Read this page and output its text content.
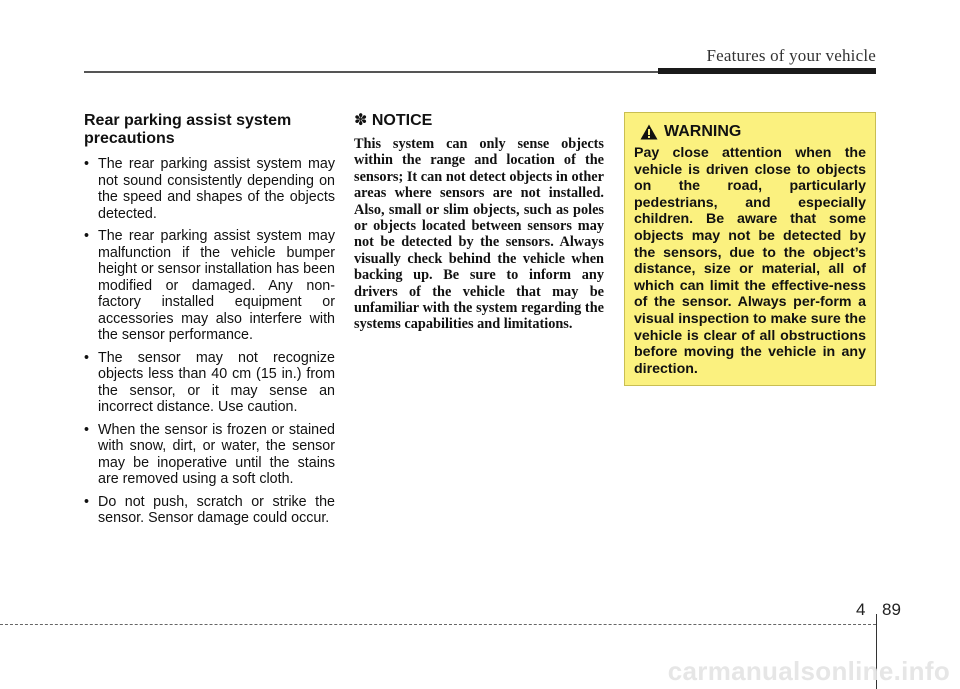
Features of your vehicle
Rear parking assist system precautions
• The rear parking assist system may not sound consistently depending on the speed and shapes of the objects detected.
• The rear parking assist system may malfunction if the vehicle bumper height or sensor installation has been modified or damaged. Any non-factory installed equipment or accessories may also interfere with the sensor performance.
• The sensor may not recognize objects less than 40 cm (15 in.) from the sensor, or it may sense an incorrect distance. Use caution.
• When the sensor is frozen or stained with snow, dirt, or water, the sensor may be inoperative until the stains are removed using a soft cloth.
• Do not push, scratch or strike the sensor. Sensor damage could occur.
✽ NOTICE

This system can only sense objects within the range and location of the sensors; It can not detect objects in other areas where sensors are not installed. Also, small or slim objects, such as poles or objects located between sensors may not be detected by the sensors. Always visually check behind the vehicle when backing up. Be sure to inform any drivers of the vehicle that may be unfamiliar with the system regarding the systems capabilities and limitations.

WARNING

Pay close attention when the vehicle is driven close to objects on the road, particularly pedestrians, and especially children. Be aware that some objects may not be detected by the sensors, due to the object’s distance, size or material, all of which can limit the effective-ness of the sensor. Always per-form a visual inspection to make sure the vehicle is clear of all obstructions before moving the vehicle in any direction.

4 89
carmanualsonline.info
